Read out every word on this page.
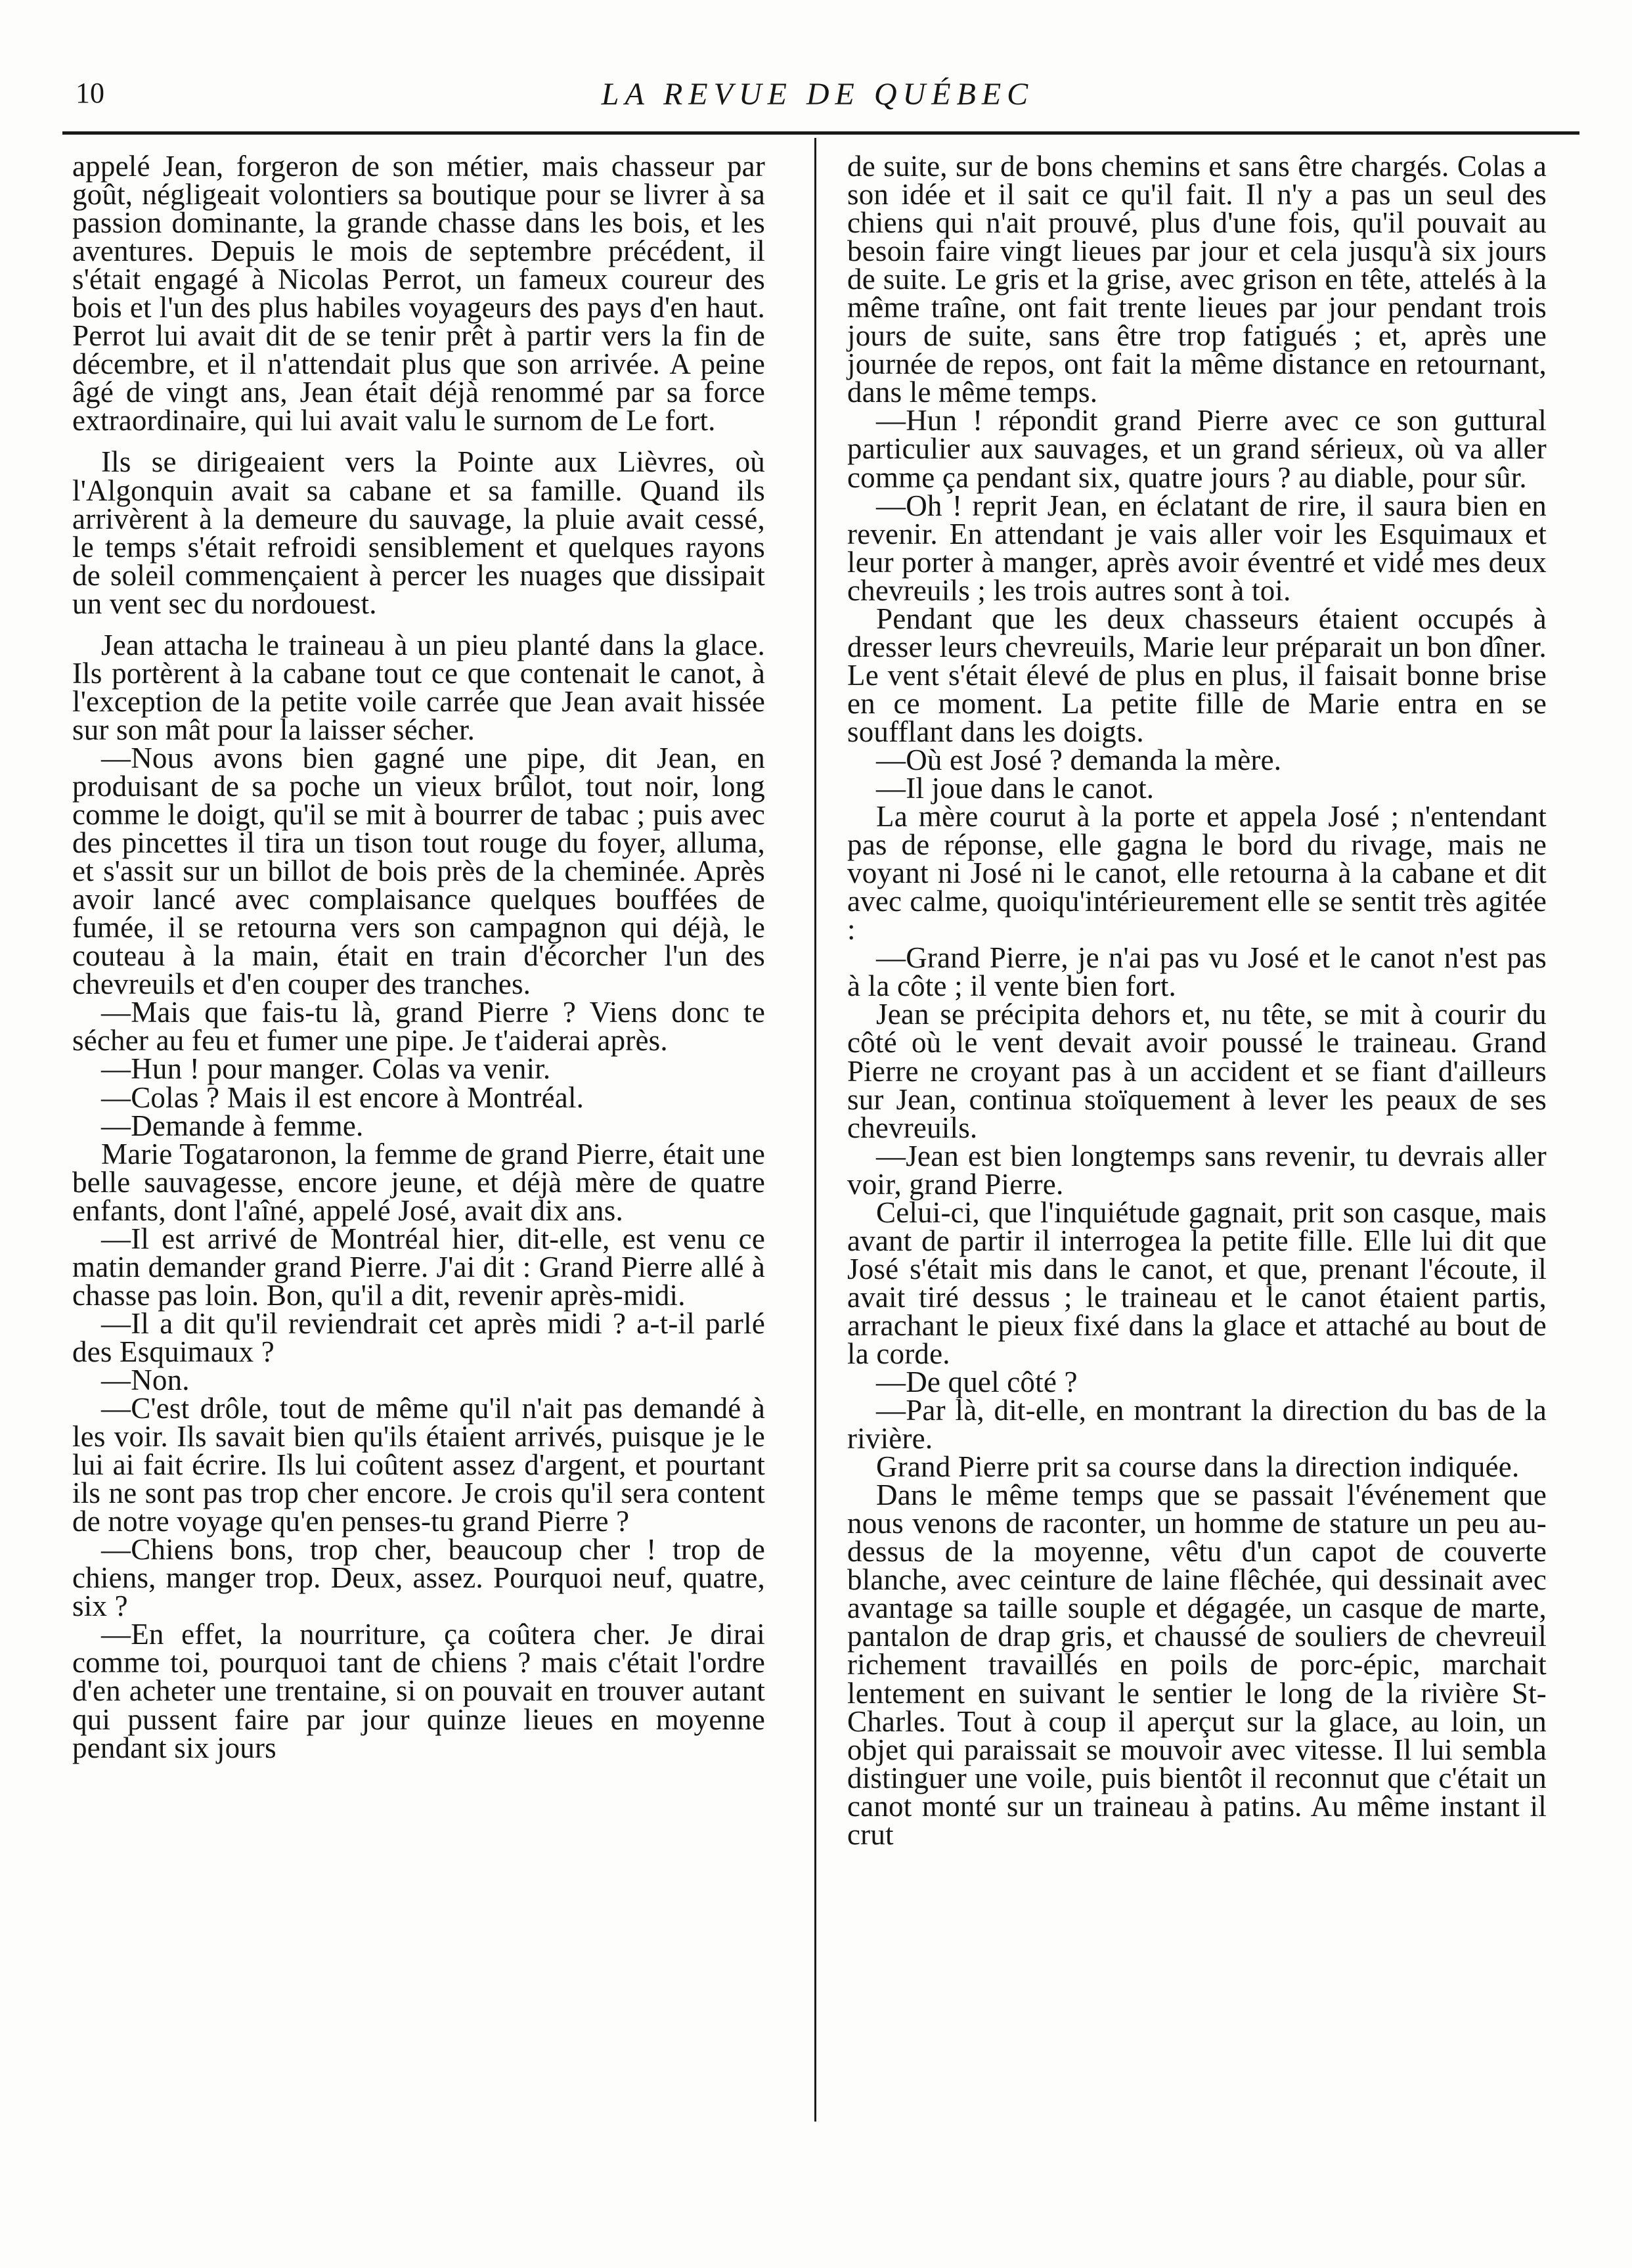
10	LA REVUE DE QUÉBEC

appelé Jean, forgeron de son métier, mais chasseur par goût, négligeait volontiers sa boutique pour se livrer à sa passion dominante, la grande chasse dans les bois, et les aventures. Depuis le mois de septembre précédent, il s'était engagé à Nicolas Perrot, un fameux coureur des bois et l'un des plus habiles voyageurs des pays d'en haut. Perrot lui avait dit de se tenir prêt à partir vers la fin de décembre, et il n'attendait plus que son arrivée. A peine âgé de vingt ans, Jean était déjà renommé par sa force extraordinaire, qui lui avait valu le surnom de Le fort.

Ils se dirigeaient vers la Pointe aux Lièvres, où l'Algonquin avait sa cabane et sa famille. Quand ils arrivèrent à la demeure du sauvage, la pluie avait cessé, le temps s'était refroidi sensiblement et quelques rayons de soleil commençaient à percer les nuages que dissipait un vent sec du nordouest.

Jean attacha le traineau à un pieu planté dans la glace. Ils portèrent à la cabane tout ce que contenait le canot, à l'exception de la petite voile carrée que Jean avait hissée sur son mât pour la laisser sécher.

—Nous avons bien gagné une pipe, dit Jean, en produisant de sa poche un vieux brûlot, tout noir, long comme le doigt, qu'il se mit à bourrer de tabac ; puis avec des pincettes il tira un tison tout rouge du foyer, alluma, et s'assit sur un billot de bois près de la cheminée. Après avoir lancé avec complaisance quelques bouffées de fumée, il se retourna vers son campagnon qui déjà, le couteau à la main, était en train d'écorcher l'un des chevreuils et d'en couper des tranches.

—Mais que fais-tu là, grand Pierre ? Viens donc te sécher au feu et fumer une pipe. Je t'aiderai après.

—Hun ! pour manger. Colas va venir.

—Colas ? Mais il est encore à Montréal.

—Demande à femme.

Marie Togataronon, la femme de grand Pierre, était une belle sauvagesse, encore jeune, et déjà mère de quatre enfants, dont l'aîné, appelé José, avait dix ans.

—Il est arrivé de Montréal hier, dit-elle, est venu ce matin demander grand Pierre. J'ai dit : Grand Pierre allé à chasse pas loin. Bon, qu'il a dit, revenir après-midi.

—Il a dit qu'il reviendrait cet après midi ? a-t-il parlé des Esquimaux ?

—Non.

—C'est drôle, tout de même qu'il n'ait pas demandé à les voir. Ils savait bien qu'ils étaient arrivés, puisque je le lui ai fait écrire. Ils lui coûtent assez d'argent, et pourtant ils ne sont pas trop cher encore. Je crois qu'il sera content de notre voyage qu'en penses-tu grand Pierre ?

—Chiens bons, trop cher, beaucoup cher ! trop de chiens, manger trop. Deux, assez. Pourquoi neuf, quatre, six ?

—En effet, la nourriture, ça coûtera cher. Je dirai comme toi, pourquoi tant de chiens ? mais c'était l'ordre d'en acheter une trentaine, si on pouvait en trouver autant qui pussent faire par jour quinze lieues en moyenne pendant six jours

de suite, sur de bons chemins et sans être chargés. Colas a son idée et il sait ce qu'il fait. Il n'y a pas un seul des chiens qui n'ait prouvé, plus d'une fois, qu'il pouvait au besoin faire vingt lieues par jour et cela jusqu'à six jours de suite. Le gris et la grise, avec grison en tête, attelés à la même traîne, ont fait trente lieues par jour pendant trois jours de suite, sans être trop fatigués ; et, après une journée de repos, ont fait la même distance en retournant, dans le même temps.

—Hun ! répondit grand Pierre avec ce son guttural particulier aux sauvages, et un grand sérieux, où va aller comme ça pendant six, quatre jours ? au diable, pour sûr.

—Oh ! reprit Jean, en éclatant de rire, il saura bien en revenir. En attendant je vais aller voir les Esquimaux et leur porter à manger, après avoir éventré et vidé mes deux chevreuils ; les trois autres sont à toi.

Pendant que les deux chasseurs étaient occupés à dresser leurs chevreuils, Marie leur préparait un bon dîner. Le vent s'était élevé de plus en plus, il faisait bonne brise en ce moment. La petite fille de Marie entra en se soufflant dans les doigts.

—Où est José ? demanda la mère.

—Il joue dans le canot.

La mère courut à la porte et appela José ; n'entendant pas de réponse, elle gagna le bord du rivage, mais ne voyant ni José ni le canot, elle retourna à la cabane et dit avec calme, quoiqu'intérieurement elle se sentit très agitée :

—Grand Pierre, je n'ai pas vu José et le canot n'est pas à la côte ; il vente bien fort.

Jean se précipita dehors et, nu tête, se mit à courir du côté où le vent devait avoir poussé le traineau. Grand Pierre ne croyant pas à un accident et se fiant d'ailleurs sur Jean, continua stoïquement à lever les peaux de ses chevreuils.

—Jean est bien longtemps sans revenir, tu devrais aller voir, grand Pierre.

Celui-ci, que l'inquiétude gagnait, prit son casque, mais avant de partir il interrogea la petite fille. Elle lui dit que José s'était mis dans le canot, et que, prenant l'écoute, il avait tiré dessus ; le traineau et le canot étaient partis, arrachant le pieux fixé dans la glace et attaché au bout de la corde.

—De quel côté ?

—Par là, dit-elle, en montrant la direction du bas de la rivière.

Grand Pierre prit sa course dans la direction indiquée.

Dans le même temps que se passait l'événement que nous venons de raconter, un homme de stature un peu au-dessus de la moyenne, vêtu d'un capot de couverte blanche, avec ceinture de laine flêchée, qui dessinait avec avantage sa taille souple et dégagée, un casque de marte, pantalon de drap gris, et chaussé de souliers de chevreuil richement travaillés en poils de porc-épic, marchait lentement en suivant le sentier le long de la rivière St-Charles. Tout à coup il aperçut sur la glace, au loin, un objet qui paraissait se mouvoir avec vitesse. Il lui sembla distinguer une voile, puis bientôt il reconnut que c'était un canot monté sur un traineau à patins. Au même instant il crut
